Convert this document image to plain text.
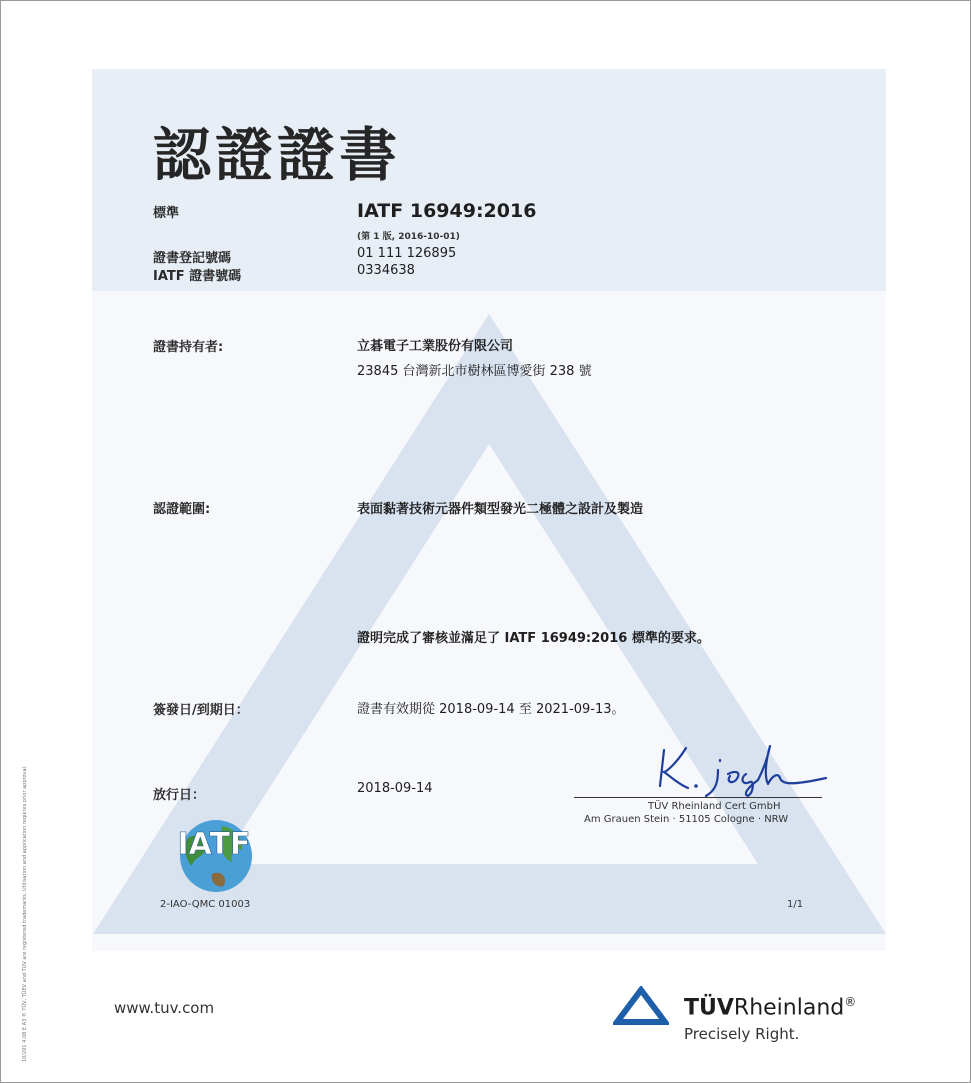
認證證書
標準	IATF 16949:2016
(第 1 版, 2016-10-01)
證書登記號碼	01 111 126895
IATF 證書號碼	0334638
證書持有者:	立碁電子工業股份有限公司
23845 台灣新北市樹林區博愛街 238 號
認證範圍:	表面黏著技術元器件類型發光二極體之設計及製造
證明完成了審核並滿足了 IATF 16949:2016 標準的要求。
簽發日/到期日：	證書有效期從 2018-09-14 至 2021-09-13。
放行日：	2018-09-14
TÜV Rheinland Cert GmbH
Am Grauen Stein · 51105 Cologne · NRW
IATF
2-IAO-QMC 01003	1/1
10/201 4.08 E A3 ® TÜV, TÜEV and TUV are registered trademarks. Utilisation and application requires prior approval.	www.tuv.com	TÜVRheinland®
Precisely Right.
